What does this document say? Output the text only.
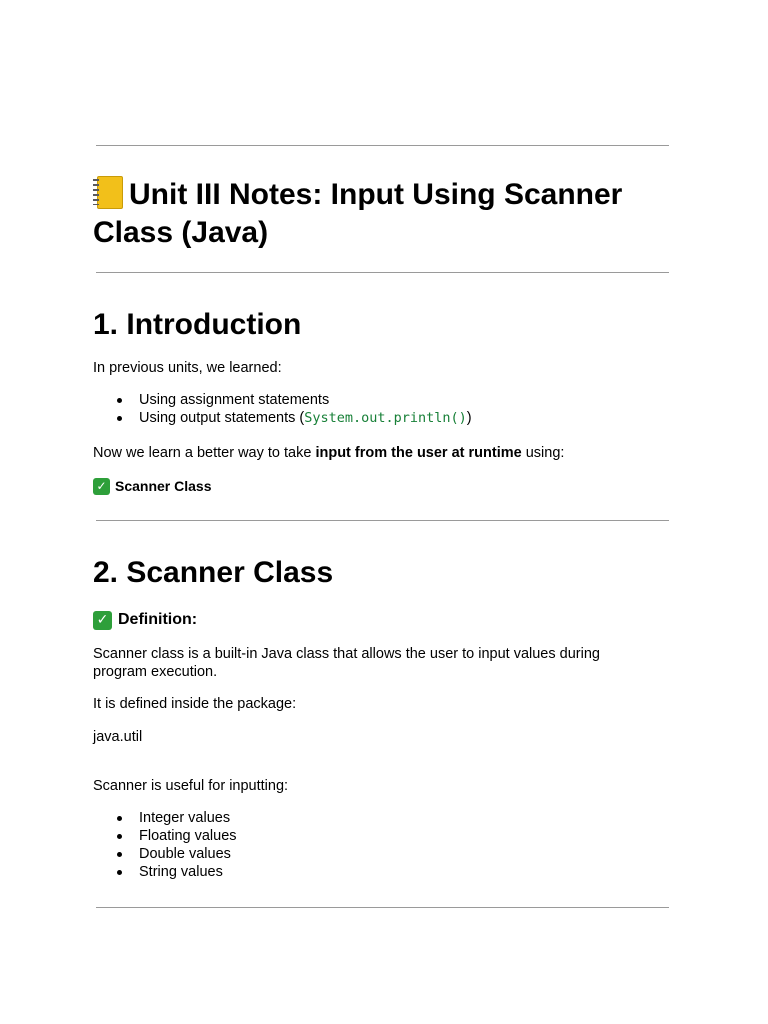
Unit III Notes: Input Using Scanner Class (Java)
1. Introduction

In previous units, we learned:

Using assignment statements
Using output statements (System.out.println())

Now we learn a better way to take input from the user at runtime using:

✓ Scanner Class

2. Scanner Class
✓ Definition:

Scanner class is a built-in Java class that allows the user to input values during program execution.

It is defined inside the package:

java.util

Scanner is useful for inputting:

Integer values
Floating values
Double values
String values
